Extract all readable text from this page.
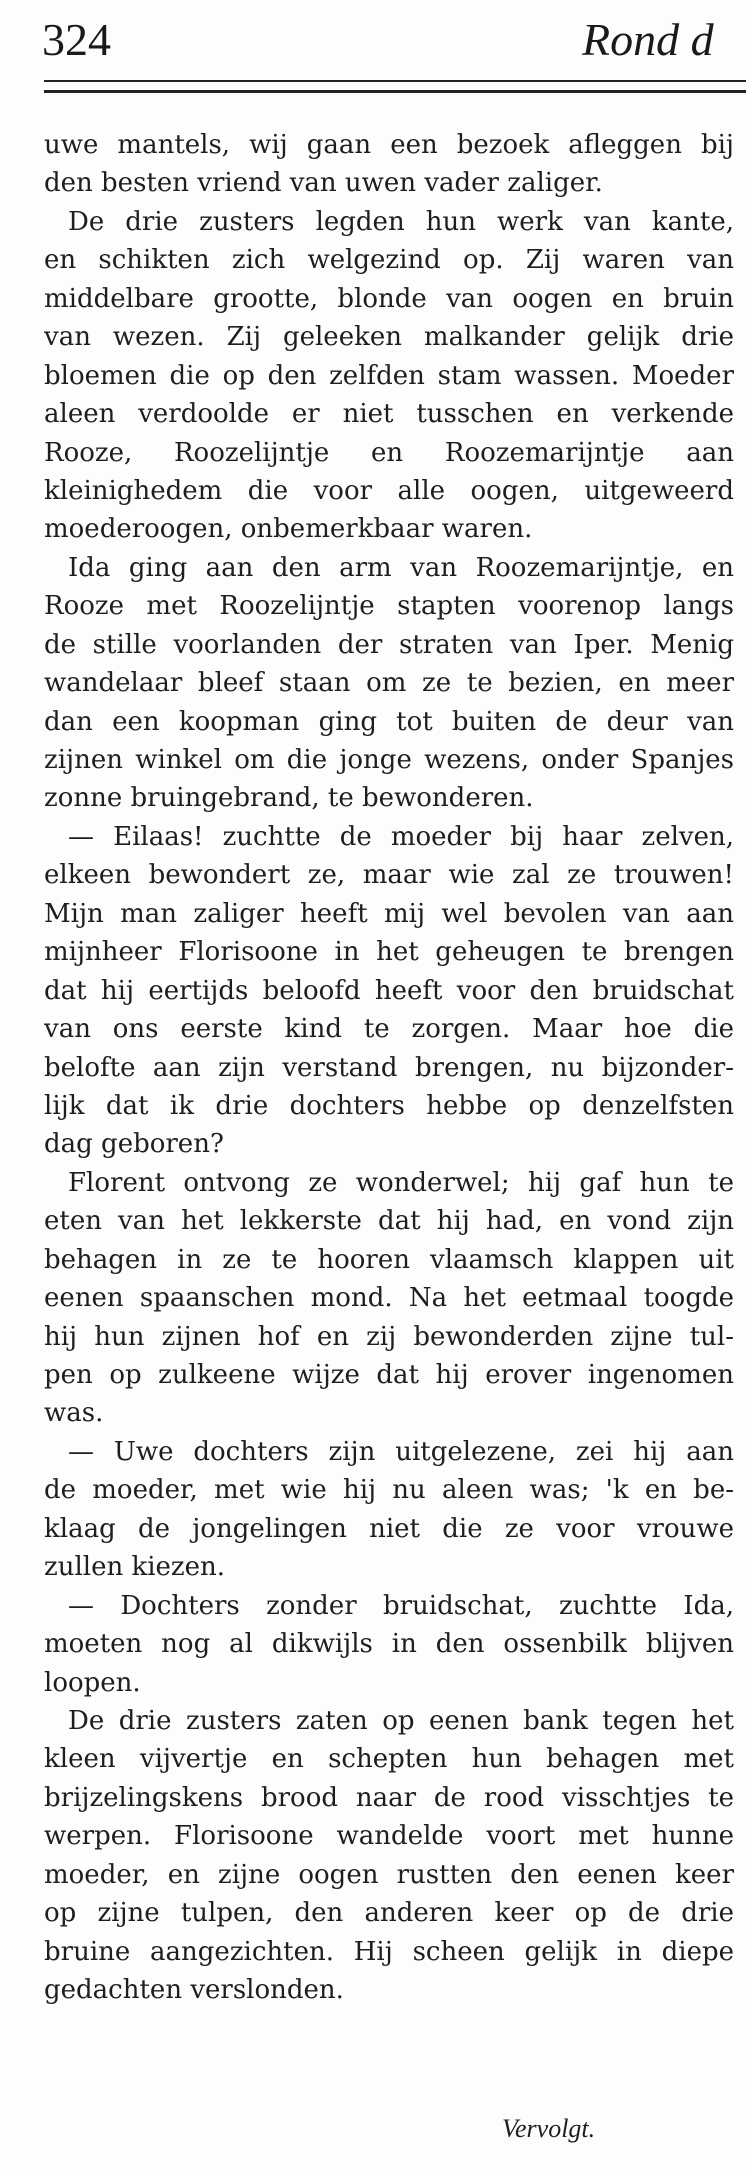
324	Rond d
uwe mantels, wij gaan een bezoek afleggen bij
den besten vriend van uwen vader zaliger.
De drie zusters legden hun werk van kante,
en schikten zich welgezind op. Zij waren van
middelbare grootte, blonde van oogen en bruin
van wezen. Zij geleeken malkander gelijk drie
bloemen die op den zelfden stam wassen. Moeder
aleen verdoolde er niet tusschen en verkende
Rooze, Roozelijntje en Roozemarijntje aan
kleinighedem die voor alle oogen, uitgeweerd
moederoogen, onbemerkbaar waren.
Ida ging aan den arm van Roozemarijntje, en
Rooze met Roozelijntje stapten voorenop langs
de stille voorlanden der straten van Iper. Menig
wandelaar bleef staan om ze te bezien, en meer
dan een koopman ging tot buiten de deur van
zijnen winkel om die jonge wezens, onder Spanjes
zonne bruingebrand, te bewonderen.
— Eilaas! zuchtte de moeder bij haar zelven,
elkeen bewondert ze, maar wie zal ze trouwen!
Mijn man zaliger heeft mij wel bevolen van aan
mijnheer Florisoone in het geheugen te brengen
dat hij eertijds beloofd heeft voor den bruidschat
van ons eerste kind te zorgen. Maar hoe die
belofte aan zijn verstand brengen, nu bijzonder-
lijk dat ik drie dochters hebbe op denzelfsten
dag geboren?
Florent ontvong ze wonderwel; hij gaf hun te
eten van het lekkerste dat hij had, en vond zijn
behagen in ze te hooren vlaamsch klappen uit
eenen spaanschen mond. Na het eetmaal toogde
hij hun zijnen hof en zij bewonderden zijne tul-
pen op zulkeene wijze dat hij erover ingenomen
was.
— Uwe dochters zijn uitgelezene, zei hij aan
de moeder, met wie hij nu aleen was; 'k en be-
klaag de jongelingen niet die ze voor vrouwe
zullen kiezen.
— Dochters zonder bruidschat, zuchtte Ida,
moeten nog al dikwijls in den ossenbilk blijven
loopen.
De drie zusters zaten op eenen bank tegen het
kleen vijvertje en schepten hun behagen met
brijzelingskens brood naar de rood visschtjes te
werpen. Florisoone wandelde voort met hunne
moeder, en zijne oogen rustten den eenen keer
op zijne tulpen, den anderen keer op de drie
bruine aangezichten. Hij scheen gelijk in diepe
gedachten verslonden.
Vervolgt.
